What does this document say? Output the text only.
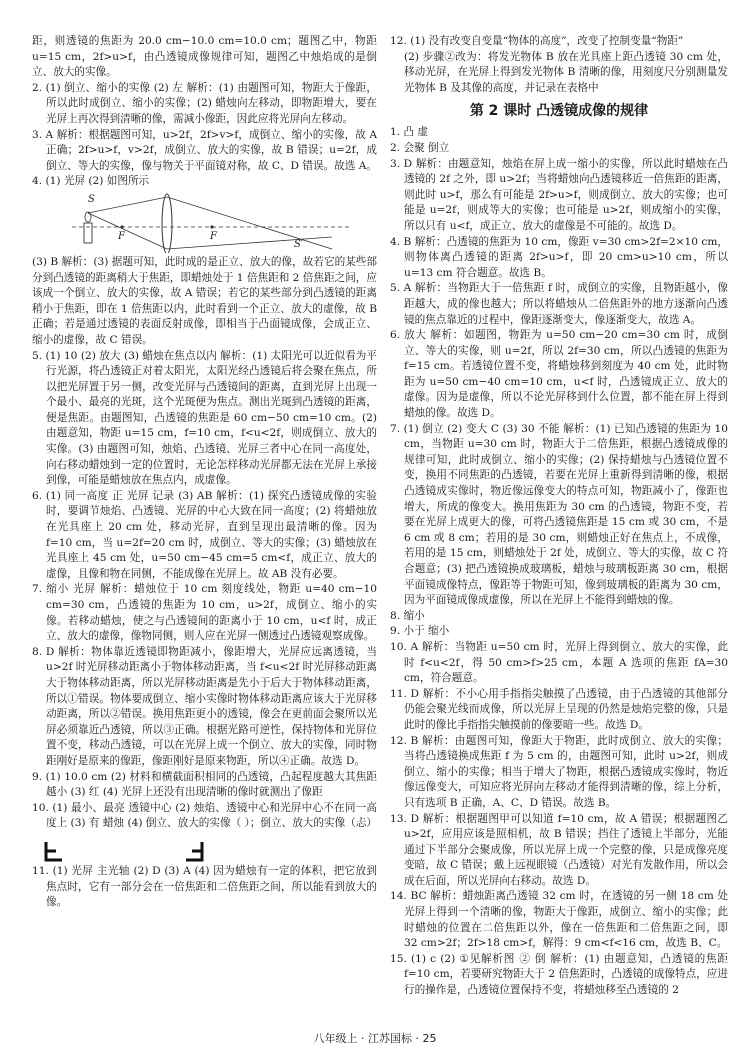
距，则透镜的焦距为 20.0 cm−10.0 cm=10.0 cm；题图乙中，物距 u=15 cm，2f>u>f，由凸透镜成像规律可知，题图乙中烛焰成的是倒立、放大的实像。

2. (1) 倒立、缩小的实像 (2) 左 解析：(1) 由题图可知，物距大于像距，所以此时成倒立、缩小的实像；(2) 蜡烛向左移动，即物距增大，要在光屏上再次得到清晰的像，需减小像距，因此应将光屏向左移动。

3. A 解析：根据题图可知，u>2f，2f>v>f，成倒立、缩小的实像，故 A 正确；2f>u>f，v>2f，成倒立、放大的实像，故 B 错误；u=2f，成倒立、等大的实像，像与物关于平面镜对称，故 C、D 错误。故选 A。

4. (1) 光屏 (2) 如图所示

S
F	F
S′

(3) B 解析：(3) 据题可知，此时成的是正立、放大的像，故若它的某些部分到凸透镜的距离稍大于焦距，即蜡烛处于 1 倍焦距和 2 倍焦距之间，应该成一个倒立、放大的实像，故 A 错误；若它的某些部分到凸透镜的距离稍小于焦距，即在 1 倍焦距以内，此时看到一个正立、放大的虚像，故 B 正确；若是通过透镜的表面反射成像，即相当于凸面镜成像，会成正立、缩小的虚像，故 C 错误。

5. (1) 10 (2) 放大 (3) 蜡烛在焦点以内 解析：(1) 太阳光可以近似看为平行光源，将凸透镜正对着太阳光，太阳光经凸透镜后将会聚在焦点，所以把光屏置于另一侧，改变光屏与凸透镜间的距离，直到光屏上出现一个最小、最亮的光斑，这个光斑便为焦点。测出光斑到凸透镜的距离，便是焦距。由题图知，凸透镜的焦距是 60 cm−50 cm=10 cm。(2) 由题意知，物距 u=15 cm，f=10 cm，f<u<2f，则成倒立、放大的实像。(3) 由题图可知，烛焰、凸透镜、光屏三者中心在同一高度处，向右移动蜡烛到一定的位置时，无论怎样移动光屏都无法在光屏上承接到像，可能是蜡烛放在焦点内，成虚像。

6. (1) 同一高度 正 光屏 记录 (3) AB 解析：(1) 探究凸透镜成像的实验时，要调节烛焰、凸透镜、光屏的中心大致在同一高度；(2) 将蜡烛放在光具座上 20 cm 处，移动光屏，直到呈现出最清晰的像。因为 f=10 cm，当 u=2f=20 cm 时，成倒立、等大的实像；(3) 蜡烛放在光具座上 45 cm 处，u=50 cm−45 cm=5 cm<f，成正立、放大的虚像，且像和物在同侧，不能成像在光屏上。故 AB 没有必要。

7. 缩小 光屏 解析：蜡烛位于 10 cm 刻度线处，物距 u=40 cm−10 cm=30 cm，凸透镜的焦距为 10 cm，u>2f，成倒立、缩小的实像。若移动蜡烛，使之与凸透镜间的距离小于 10 cm，u<f 时，成正立、放大的虚像，像物同侧，则人应在光屏一侧透过凸透镜观察成像。

8. D 解析：物体靠近透镜即物距减小，像距增大，光屏应远离透镜，当 u>2f 时光屏移动距离小于物体移动距离，当 f<u<2f 时光屏移动距离大于物体移动距离，所以光屏移动距离是先小于后大于物体移动距离，所以①错误。物体要成倒立、缩小实像时物体移动距离应该大于光屏移动距离，所以②错误。换用焦距更小的透镜，像会在更前面会聚所以光屏必须靠近凸透镜，所以③正确。根据光路可逆性，保持物体和光屏位置不变，移动凸透镜，可以在光屏上成一个倒立、放大的实像，同时物距刚好是原来的像距，像距刚好是原来物距，所以④正确。故选 D。

9. (1) 10.0 cm (2) 材料和横截面积相同的凸透镜，凸起程度越大其焦距越小 (3) 红 (4) 光屏上还没有出现清晰的像时就测出了像距

10. (1) 最小、最亮 透镜中心 (2) 烛焰、透镜中心和光屏中心不在同一高度上 (3) 有 蜡烛 (4) 倒立、放大的实像（ ）；倒立、放大的实像（忐）

11. (1) 光屏 主光轴 (2) D (3) A (4) 因为蜡烛有一定的体积，把它放到焦点时，它有一部分会在一倍焦距和二倍焦距之间，所以能看到放大的像。

12. (1) 没有改变自变量“物体的高度”，改变了控制变量“物距”

(2) 步骤②改为：将发光物体 B 放在光具座上距凸透镜 30 cm 处，移动光屏，在光屏上得到发光物体 B 清晰的像，用刻度尺分别测量发光物体 B 及其像的高度，并记录在表格中

第 2 课时 凸透镜成像的规律

1. 凸 虚

2. 会聚 倒立

3. D 解析：由题意知，烛焰在屏上成一缩小的实像，所以此时蜡烛在凸透镜的 2f 之外，即 u>2f；当将蜡烛向凸透镜移近一倍焦距的距离，则此时 u>f，那么有可能是 2f>u>f，则成倒立、放大的实像；也可能是 u=2f，则成等大的实像；也可能是 u>2f，则成缩小的实像，所以只有 u<f，成正立、放大的虚像是不可能的。故选 D。

4. B 解析：凸透镜的焦距为 10 cm，像距 v=30 cm>2f=2×10 cm，则物体离凸透镜的距离 2f>u>f，即 20 cm>u>10 cm，所以 u=13 cm 符合题意。故选 B。

5. A 解析：当物距大于一倍焦距 f 时，成倒立的实像，且物距越小，像距越大，成的像也越大；所以将蜡烛从二倍焦距外的地方逐渐向凸透镜的焦点靠近的过程中，像距逐渐变大，像逐渐变大，故选 A。

6. 放大 解析：如题图，物距为 u=50 cm−20 cm=30 cm 时，成倒立、等大的实像，则 u=2f，所以 2f=30 cm，所以凸透镜的焦距为 f=15 cm。若透镜位置不变，将蜡烛移到刻度为 40 cm 处，此时物距为 u=50 cm−40 cm=10 cm，u<f 时，凸透镜成正立、放大的虚像。因为是虚像，所以不论光屏移到什么位置，都不能在屏上得到蜡烛的像。故选 D。

7. (1) 倒立 (2) 变大 C (3) 30 不能 解析：(1) 已知凸透镜的焦距为 10 cm，当物距 u=30 cm 时，物距大于二倍焦距，根据凸透镜成像的规律可知，此时成倒立、缩小的实像；(2) 保持蜡烛与凸透镜位置不变，换用不同焦距的凸透镜，若要在光屏上重新得到清晰的像，根据凸透镜成实像时，物近像远像变大的特点可知，物距减小了，像距也增大，所成的像变大。换用焦距为 30 cm 的凸透镜，物距不变，若要在光屏上成更大的像，可将凸透镜焦距是 15 cm 或 30 cm，不是 6 cm 或 8 cm；若用的是 30 cm，则蜡烛正好在焦点上，不成像，若用的是 15 cm，则蜡烛处于 2f 处，成倒立、等大的实像，故 C 符合题意；(3) 把凸透镜换成玻璃板，蜡烛与玻璃板距离 30 cm，根据平面镜成像特点，像距等于物距可知，像到玻璃板的距离为 30 cm，因为平面镜成像成虚像，所以在光屏上不能得到蜡烛的像。

8. 缩小

9. 小于 缩小

10. A 解析：当物距 u=50 cm 时，光屏上得到倒立、放大的实像，此时 f<u<2f，得 50 cm>f>25 cm，本题 A 选项的焦距 fA=30 cm，符合题意。

11. D 解析：不小心用手指指尖触摸了凸透镜，由于凸透镜的其他部分仍能会聚光线而成像，所以光屏上呈现的仍然是烛焰完整的像，只是此时的像比手指指尖触摸前的像要暗一些。故选 D。

12. B 解析：由题图可知，像距大于物距，此时成倒立、放大的实像；当将凸透镜换成焦距 f 为 5 cm 的，由题图可知，此时 u>2f，则成倒立、缩小的实像；相当于增大了物距，根据凸透镜成实像时，物近像远像变大，可知应将光屏向左移动才能得到清晰的像，综上分析，只有选项 B 正确，A、C、D 错误。故选 B。

13. D 解析：根据题图甲可以知道 f=10 cm，故 A 错误；根据题图乙 u>2f，应用应该是照相机，故 B 错误；挡住了透镜上半部分，光能通过下半部分会聚成像，所以光屏上成一个完整的像，只是成像亮度变暗，故 C 错误；戴上远视眼镜（凸透镜）对光有发散作用，所以会成在后面，所以光屏向右移动。故选 D。

14. BC 解析：蜡烛距离凸透镜 32 cm 时，在透镜的另一侧 18 cm 处光屏上得到一个清晰的像，物距大于像距，成倒立、缩小的实像；此时蜡烛的位置在二倍焦距以外，像在一倍焦距和二倍焦距之间，即 32 cm>2f；2f>18 cm>f，解得：9 cm<f<16 cm，故选 B、C。

15. (1) c (2) ①见解析图 ② 倒 解析：(1) 由题意知，凸透镜的焦距 f=10 cm，若要研究物距大于 2 倍焦距时，凸透镜的成像特点，应进行的操作是，凸透镜位置保持不变，将蜡烛移至凸透镜的 2

八年级上 · 江苏国标 · 25
